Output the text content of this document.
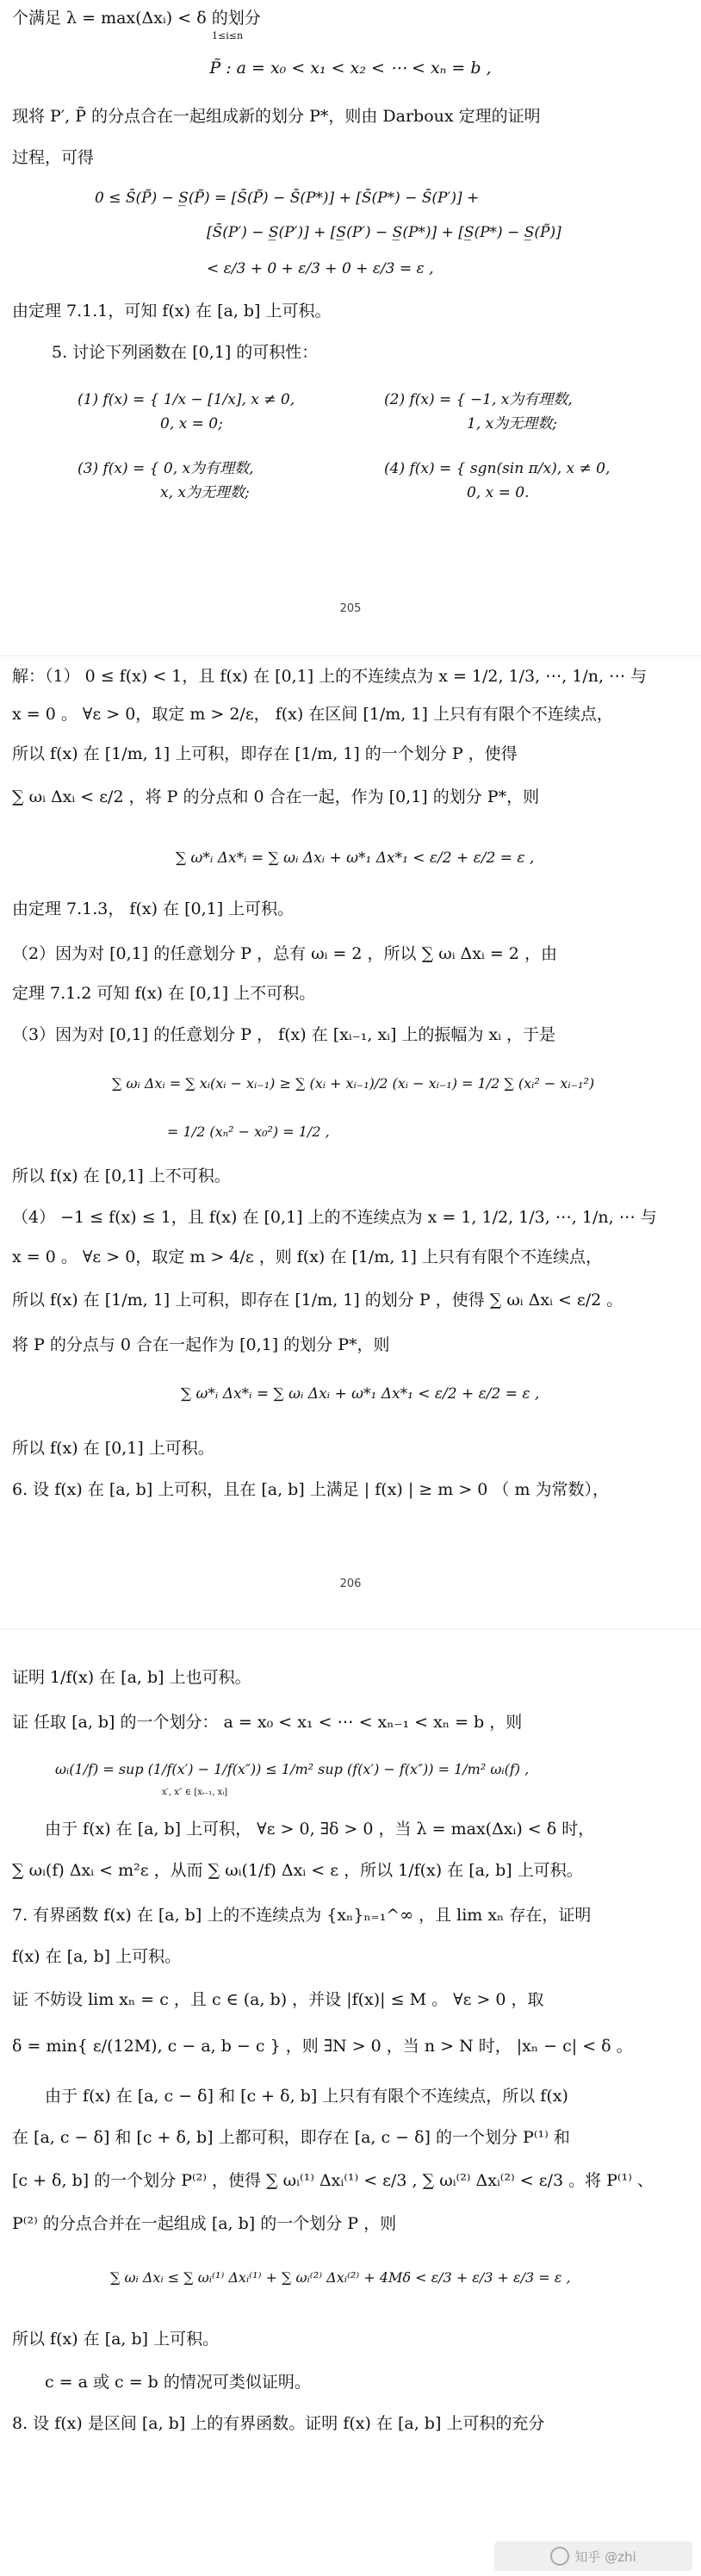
个满足 λ = max(Δxᵢ) < δ 的划分
1≤i≤n
P̃ : a = x₀ < x₁ < x₂ < ⋯ < xₙ = b ,
现将 P′, P̃ 的分点合在一起组成新的划分 P*，则由 Darboux 定理的证明
过程，可得
0 ≤ S̄(P̃) − S̲(P̃) = [S̄(P̃) − S̄(P*)] + [S̄(P*) − S̄(P′)] +
[S̄(P′) − S̲(P′)] + [S̲(P′) − S̲(P*)] + [S̲(P*) − S̲(P̃)]
< ε/3 + 0 + ε/3 + 0 + ε/3 = ε ,
由定理 7.1.1，可知 f(x) 在 [a, b] 上可积。
5. 讨论下列函数在 [0,1] 的可积性：
(1) f(x) = { 1/x − [1/x], x ≠ 0,
0, x = 0;
(2) f(x) = { −1, x为有理数,
1, x为无理数;
(3) f(x) = { 0, x为有理数,
x, x为无理数;
(4) f(x) = { sgn(sin π/x), x ≠ 0,
0, x = 0.
205
解：（1） 0 ≤ f(x) < 1，且 f(x) 在 [0,1] 上的不连续点为 x = 1/2, 1/3, ⋯, 1/n, ⋯ 与
x = 0 。 ∀ε > 0，取定 m > 2/ε， f(x) 在区间 [1/m, 1] 上只有有限个不连续点，
所以 f(x) 在 [1/m, 1] 上可积，即存在 [1/m, 1] 的一个划分 P ，使得
∑ ωᵢ Δxᵢ < ε/2 ，将 P 的分点和 0 合在一起，作为 [0,1] 的划分 P*，则
∑ ω*ᵢ Δx*ᵢ = ∑ ωᵢ Δxᵢ + ω*₁ Δx*₁ < ε/2 + ε/2 = ε ,
由定理 7.1.3， f(x) 在 [0,1] 上可积。
（2）因为对 [0,1] 的任意划分 P ，总有 ωᵢ = 2 ，所以 ∑ ωᵢ Δxᵢ = 2 ，由
定理 7.1.2 可知 f(x) 在 [0,1] 上不可积。
（3）因为对 [0,1] 的任意划分 P ， f(x) 在 [xᵢ₋₁, xᵢ] 上的振幅为 xᵢ ，于是
∑ ωᵢ Δxᵢ = ∑ xᵢ(xᵢ − xᵢ₋₁) ≥ ∑ (xᵢ + xᵢ₋₁)/2 (xᵢ − xᵢ₋₁) = 1/2 ∑ (xᵢ² − xᵢ₋₁²)
= 1/2 (xₙ² − x₀²) = 1/2 ,
所以 f(x) 在 [0,1] 上不可积。
（4） −1 ≤ f(x) ≤ 1，且 f(x) 在 [0,1] 上的不连续点为 x = 1, 1/2, 1/3, ⋯, 1/n, ⋯ 与
x = 0 。 ∀ε > 0，取定 m > 4/ε ，则 f(x) 在 [1/m, 1] 上只有有限个不连续点，
所以 f(x) 在 [1/m, 1] 上可积，即存在 [1/m, 1] 的划分 P ，使得 ∑ ωᵢ Δxᵢ < ε/2 。
将 P 的分点与 0 合在一起作为 [0,1] 的划分 P*，则
∑ ω*ᵢ Δx*ᵢ = ∑ ωᵢ Δxᵢ + ω*₁ Δx*₁ < ε/2 + ε/2 = ε ,
所以 f(x) 在 [0,1] 上可积。
6. 设 f(x) 在 [a, b] 上可积，且在 [a, b] 上满足 | f(x) | ≥ m > 0 （ m 为常数），
206
证明 1/f(x) 在 [a, b] 上也可积。
证 任取 [a, b] 的一个划分： a = x₀ < x₁ < ⋯ < xₙ₋₁ < xₙ = b ，则
ωᵢ(1/f) = sup (1/f(x′) − 1/f(x″)) ≤ 1/m² sup (f(x′) − f(x″)) = 1/m² ωᵢ(f) ,
x′, x″ ∈ [xᵢ₋₁, xᵢ]
由于 f(x) 在 [a, b] 上可积， ∀ε > 0, ∃δ > 0 ，当 λ = max(Δxᵢ) < δ 时，
∑ ωᵢ(f) Δxᵢ < m²ε ，从而 ∑ ωᵢ(1/f) Δxᵢ < ε ，所以 1/f(x) 在 [a, b] 上可积。
7. 有界函数 f(x) 在 [a, b] 上的不连续点为 {xₙ}ₙ₌₁^∞ ，且 lim xₙ 存在，证明
f(x) 在 [a, b] 上可积。
证 不妨设 lim xₙ = c ，且 c ∈ (a, b) ，并设 |f(x)| ≤ M 。 ∀ε > 0 ，取
δ = min{ ε/(12M), c − a, b − c } ，则 ∃N > 0 ，当 n > N 时， |xₙ − c| < δ 。
由于 f(x) 在 [a, c − δ] 和 [c + δ, b] 上只有有限个不连续点，所以 f(x)
在 [a, c − δ] 和 [c + δ, b] 上都可积，即存在 [a, c − δ] 的一个划分 P⁽¹⁾ 和
[c + δ, b] 的一个划分 P⁽²⁾ ，使得 ∑ ωᵢ⁽¹⁾ Δxᵢ⁽¹⁾ < ε/3 , ∑ ωᵢ⁽²⁾ Δxᵢ⁽²⁾ < ε/3 。将 P⁽¹⁾ 、
P⁽²⁾ 的分点合并在一起组成 [a, b] 的一个划分 P ，则
∑ ωᵢ Δxᵢ ≤ ∑ ωᵢ⁽¹⁾ Δxᵢ⁽¹⁾ + ∑ ωᵢ⁽²⁾ Δxᵢ⁽²⁾ + 4Mδ < ε/3 + ε/3 + ε/3 = ε ,
所以 f(x) 在 [a, b] 上可积。
c = a 或 c = b 的情况可类似证明。
8. 设 f(x) 是区间 [a, b] 上的有界函数。证明 f(x) 在 [a, b] 上可积的充分
知乎 @zhi
